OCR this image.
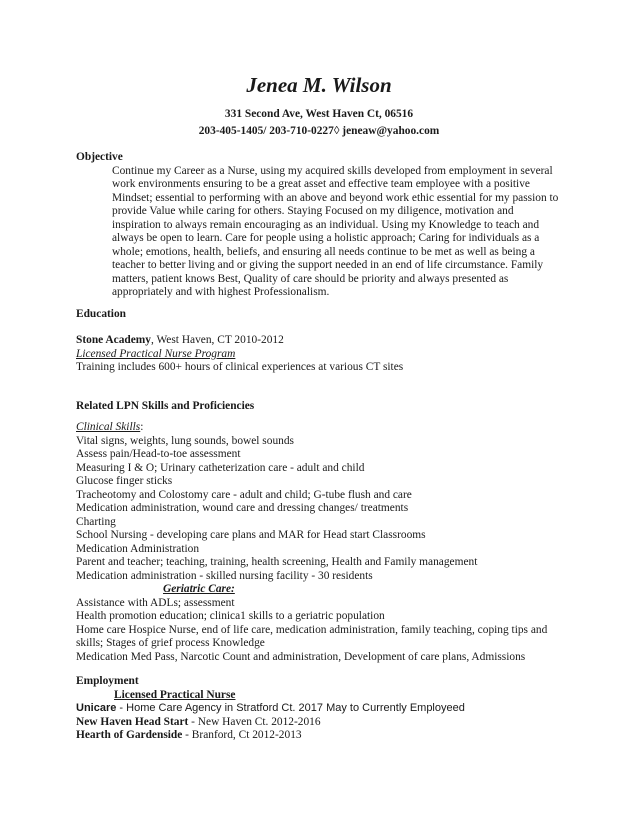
Jenea M. Wilson
331 Second Ave, West Haven Ct, 06516
203-405-1405/ 203-710-0227◊ jeneaw@yahoo.com
Objective
Continue my Career as a Nurse, using my acquired skills developed from employment in several
work environments ensuring to be a great asset and effective team employee with a positive
Mindset; essential to performing with an above and beyond work ethic essential for my passion to
provide Value while caring for others. Staying Focused on my diligence, motivation and
inspiration to always remain encouraging as an individual. Using my Knowledge to teach and
always be open to learn. Care for people using a holistic approach; Caring for individuals as a
whole; emotions, health, beliefs, and ensuring all needs continue to be met as well as being a
teacher to better living and or giving the support needed in an end of life circumstance. Family
matters, patient knows Best, Quality of care should be priority and always presented as
appropriately and with highest Professionalism.
Education
Stone Academy, West Haven, CT 2010-2012
Licensed Practical Nurse Program
Training includes 600+ hours of clinical experiences at various CT sites
Related LPN Skills and Proficiencies
Clinical Skills:
Vital signs, weights, lung sounds, bowel sounds
Assess pain/Head-to-toe assessment
Measuring I & O; Urinary catheterization care - adult and child
Glucose finger sticks
Tracheotomy and Colostomy care - adult and child; G-tube flush and care
Medication administration, wound care and dressing changes/ treatments
Charting
School Nursing - developing care plans and MAR for Head start Classrooms
Medication Administration
Parent and teacher; teaching, training, health screening, Health and Family management
Medication administration - skilled nursing facility - 30 residents
Geriatric Care:
Assistance with ADLs; assessment
Health promotion education; clinica1 skills to a geriatric population
Home care Hospice Nurse, end of life care, medication administration, family teaching, coping tips and
skills; Stages of grief process Knowledge
Medication Med Pass, Narcotic Count and administration, Development of care plans, Admissions
Employment
Licensed Practical Nurse
Unicare - Home Care Agency in Stratford Ct. 2017 May to Currently Employeed
New Haven Head Start - New Haven Ct. 2012-2016
Hearth of Gardenside - Branford, Ct 2012-2013
